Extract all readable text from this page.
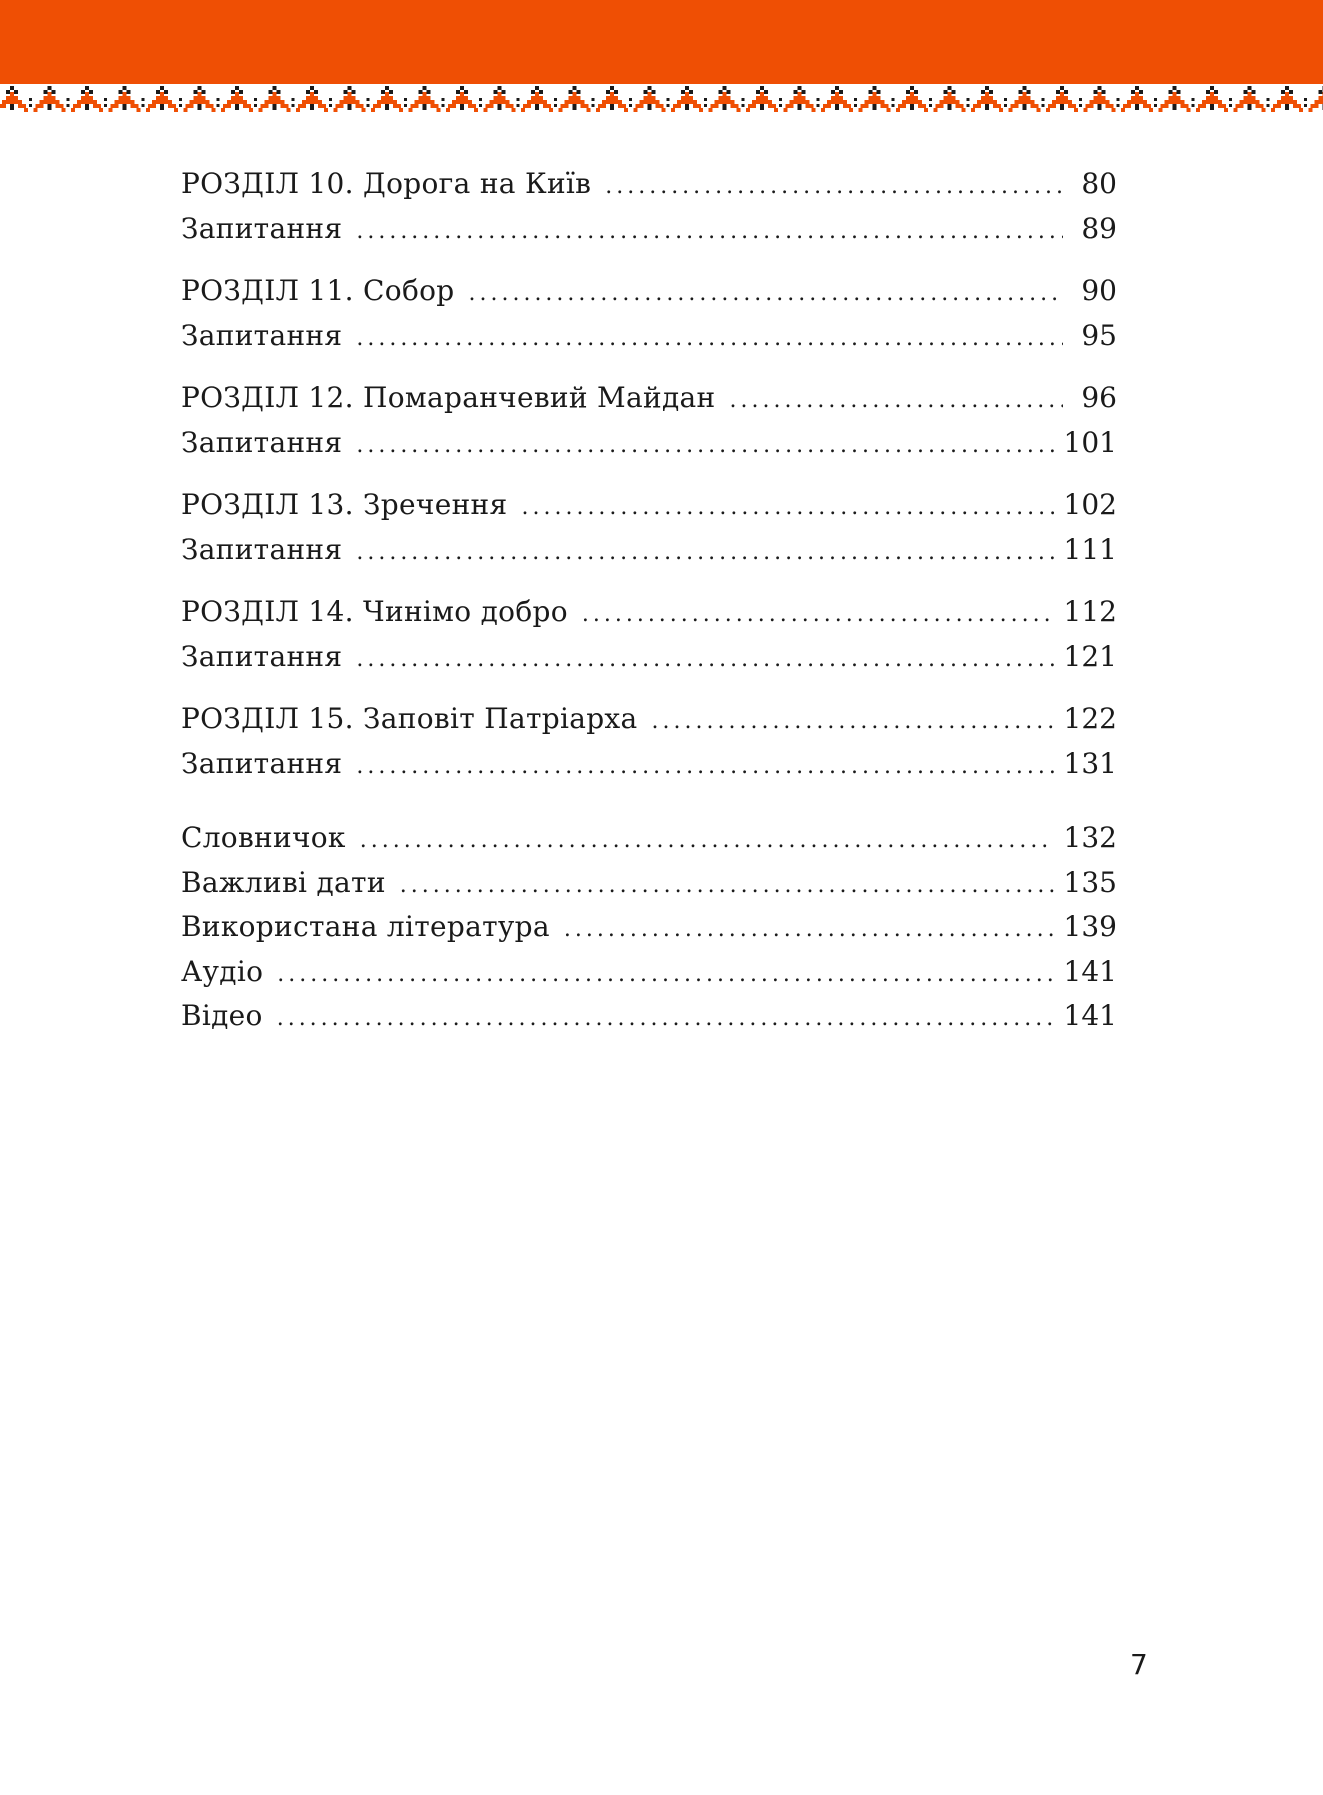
РОЗДІЛ 10. Дорога на Київ .....	80
Запитання .....	89
РОЗДІЛ 11. Собор .....	90
Запитання .....	95
РОЗДІЛ 12. Помаранчевий Майдан .....	96
Запитання .....	101
РОЗДІЛ 13. Зречення .....	102
Запитання .....	111
РОЗДІЛ 14. Чинімо добро .....	112
Запитання .....	121
РОЗДІЛ 15. Заповіт Патріарха .....	122
Запитання .....	131
Словничок .....	132
Важливі дати .....	135
Використана література .....	139
Аудіо .....	141
Відео .....	141
7
